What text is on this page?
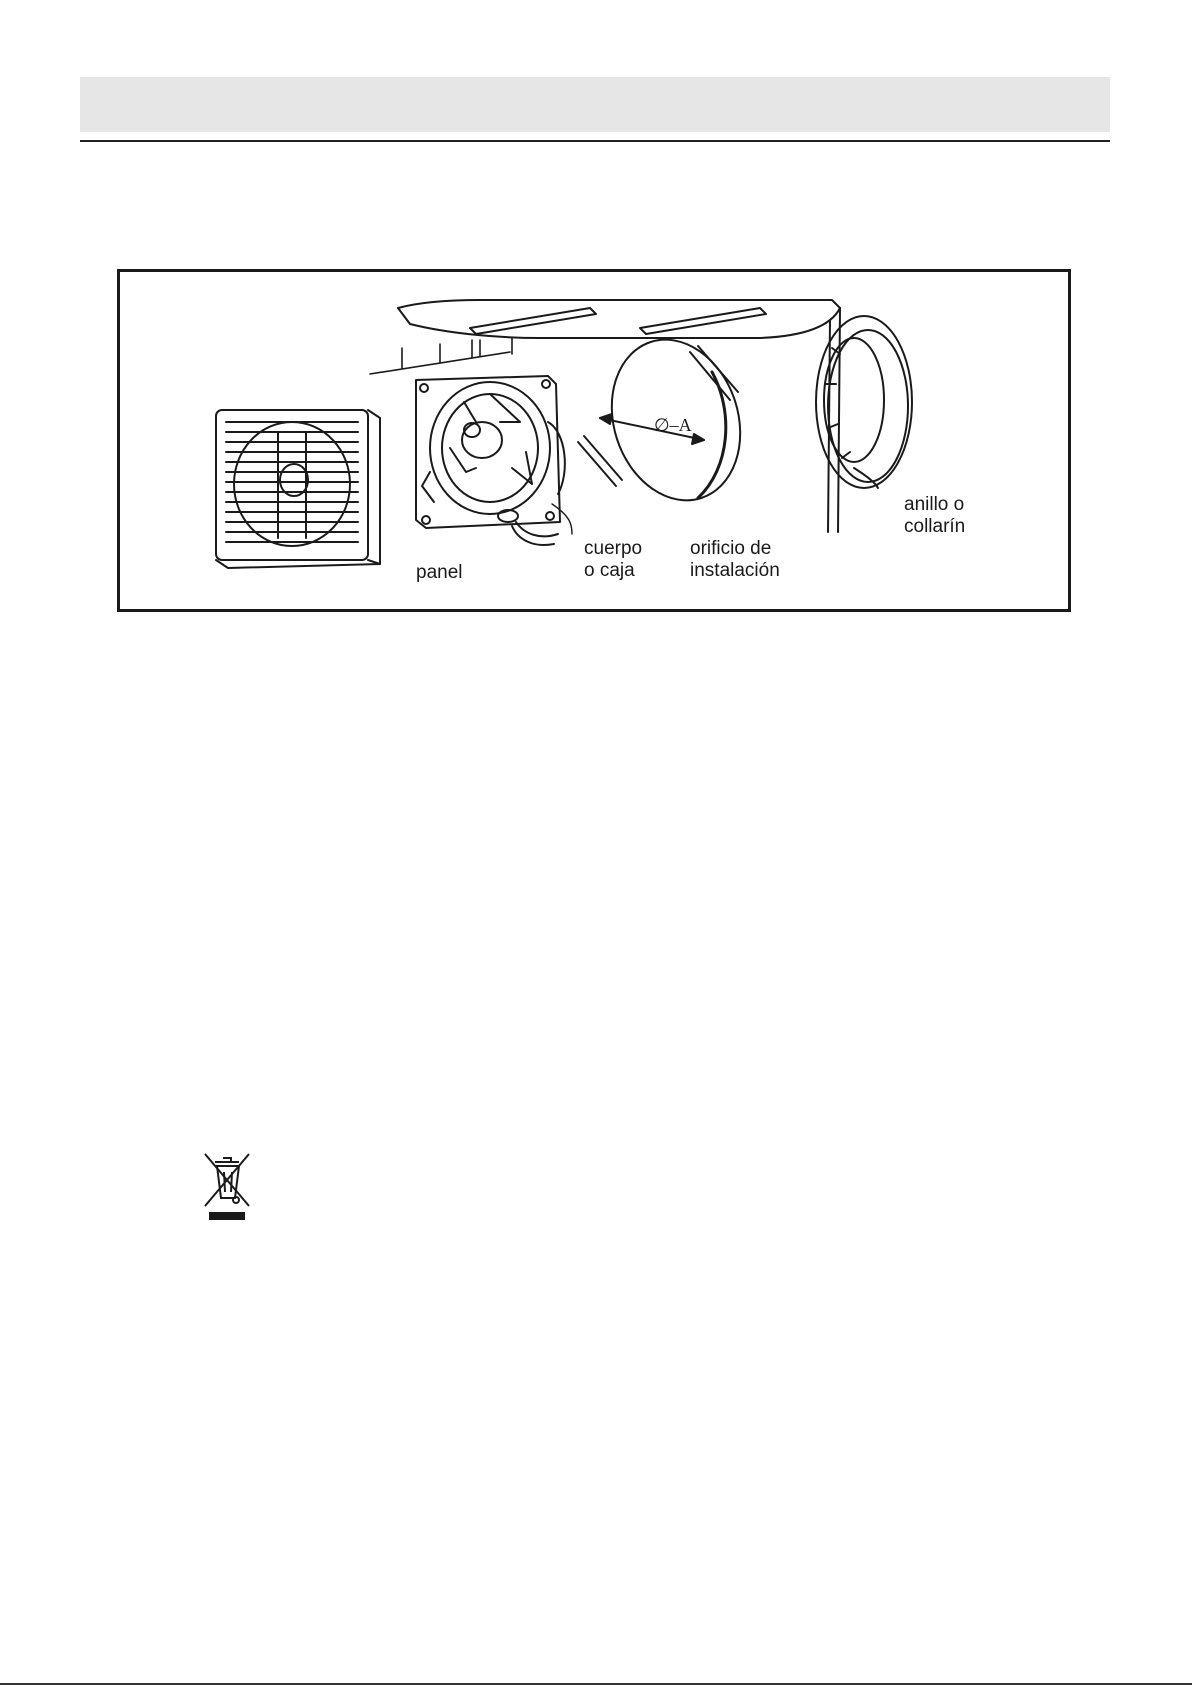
panel
cuerpo
o caja
orificio de
instalación
anillo o
collarín
∅–A
